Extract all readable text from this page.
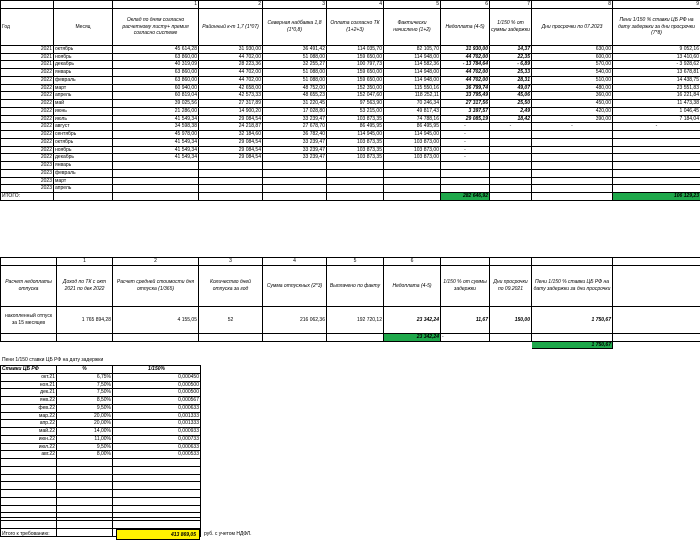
		1	2	3	4	5	6	7	8	9
Год	Месяц	Оклад по дням согласно расчетному листу+ премия согласно системе	Районный к-т 1,7 (1*07)	Северная надбавка 1,8 (1*0,8)	Оплата согласно ТК (1+2+3)	Фактически начислено (1+2)	Недоплата (4-5)	1/150 % от суммы задержки	Дни просрочки по 07.2023	Пени 1/150 % ставки ЦБ РФ на дату задержки за дни просрочки (7*8)
2021	октябрь	45 614,28	31 930,00	36 491,42	114 035,70	82 105,70	31 930,00	14,37	630,00	9 052,16
2021	ноябрь	63 860,00	44 702,00	51 088,00	159 650,00	114 948,00	44 702,00	22,35	600,00	13 410,60
2021	декабрь	40 319,09	28 223,36	32 255,27	100 797,73	114 582,36	- 13 784,64	- 6,89	570,00	- 3 928,62
2022	январь	63 860,00	44 702,00	51 088,00	159 650,00	114 948,00	44 702,00	25,33	540,00	13 678,81
2022	февраль	63 860,00	44 702,00	51 088,00	159 650,00	114 948,00	44 702,00	28,31	510,00	14 438,75
2022	март	60 940,00	42 658,00	48 752,00	152 350,00	115 550,16	36 799,74	49,07	480,00	23 551,83
2022	апрель	60 819,04	42 573,33	48 655,23	152 047,60	118 252,11	33 795,49	45,06	360,00	16 221,84
2022	май	39 025,56	27 317,89	31 220,45	97 563,90	70 246,34	27 317,56	25,50	450,00	11 473,38
2022	июнь	21 286,00	14 900,20	17 028,80	53 215,00	49 817,43	3 397,57	2,49	420,00	1 046,45
2022	июль	41 549,34	29 084,54	33 239,47	103 873,35	74 788,16	29 085,19	18,42	390,00	7 184,04
2022	август	34 598,38	24 218,87	27 678,70	86 495,95	86 495,95	-	-	-	-
2022	сентябрь	45 978,00	32 184,60	36 782,40	114 945,00	114 945,00	-			
2022	октябрь	41 549,34	29 084,54	33 239,47	103 873,35	103 873,00	-			
2022	ноябрь	41 549,34	29 084,54	33 239,47	103 873,35	103 873,00	-			
2022	декабрь	41 549,34	29 084,54	33 239,47	103 873,35	103 873,00	-			
2023	январь									
2023	февраль									
2023	март									
2023	апрель									
ИТОГО:							282 646,92			106 129,23
	1	2	3	4	5	6				
Расчет недоплаты отпуска	Доход по ТК с окт 2021 по дек 2022	Расчет средней стоимости дня отпуска (1/365)	Количество дней отпуска за год	Сумма отпускных (2*3)	Выплачено по факту	Недоплата (4-5)	1/150 % от суммы задержки	Дни просрочки по 09.2021	Пени 1/150 % ставки ЦБ РФ на дату задержки за дни просрочки	
накопленный отпуск за 15 месяцев	1 765 894,28	4 155,05	52	216 062,36	192 720,12	23 342,24	11,67	150,00	1 750,67	
						23 342,24	-			
									1 750,67	
Пени 1/150 ставки ЦБ РФ на дату задержки
Ставки ЦБ РФ	%	1/150%
окт.21	6,75%	0,000450
ноя.21	7,50%	0,000500
дек.21	7,50%	0,000500
янв.22	8,50%	0,000567
фев.22	9,50%	0,000633
мар.22	20,00%	0,001333
апр.22	20,00%	0,001333
май.22	14,00%	0,000933
июн.22	11,00%	0,000733
июл.22	9,50%	0,000633
авг.22	8,00%	0,000533

Итого к требованию:	413 869,05	руб. с учетом НДФЛ.
